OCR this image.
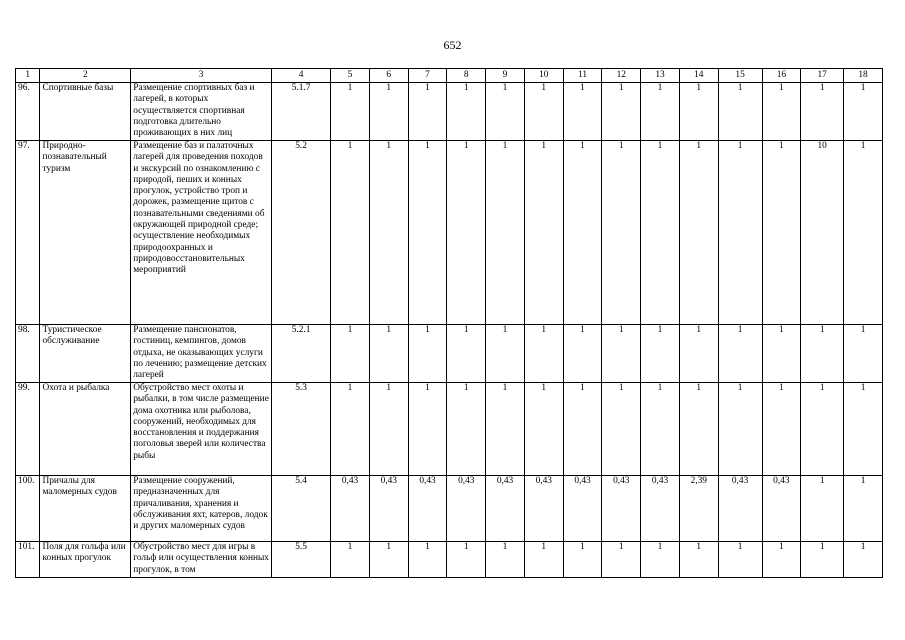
652
1	2	3	4	5	6	7	8	9	10	11	12	13	14	15	16	17	18
96.	Спортивные базы	Размещение спортивных баз и лагерей, в которых осуществляется спортивная подготовка длительно проживающих в них лиц	5.1.7	1	1	1	1	1	1	1	1	1	1	1	1	1	1
97.	Природно-познавательный туризм	Размещение баз и палаточных лагерей для проведения походов и экскурсий по ознакомлению с природой, пеших и конных прогулок, устройство троп и дорожек, размещение щитов с познавательными сведениями об окружающей природной среде; осуществление необходимых природоохранных и природовосстановительных мероприятий	5.2	1	1	1	1	1	1	1	1	1	1	1	1	10	1
98.	Туристическое обслуживание	Размещение пансионатов, гостиниц, кемпингов, домов отдыха, не оказывающих услуги по лечению; размещение детских лагерей	5.2.1	1	1	1	1	1	1	1	1	1	1	1	1	1	1
99.	Охота и рыбалка	Обустройство мест охоты и рыбалки, в том числе размещение дома охотника или рыболова, сооружений, необходимых для восстановления и поддержания поголовья зверей или количества рыбы	5.3	1	1	1	1	1	1	1	1	1	1	1	1	1	1
100.	Причалы для маломерных судов	Размещение сооружений, предназначенных для причаливания, хранения и обслуживания яхт, катеров, лодок и других маломерных судов	5.4	0,43	0,43	0,43	0,43	0,43	0,43	0,43	0,43	0,43	2,39	0,43	0,43	1	1
101.	Поля для гольфа или конных прогулок	Обустройство мест для игры в гольф или осуществления конных прогулок, в том	5.5	1	1	1	1	1	1	1	1	1	1	1	1	1	1
